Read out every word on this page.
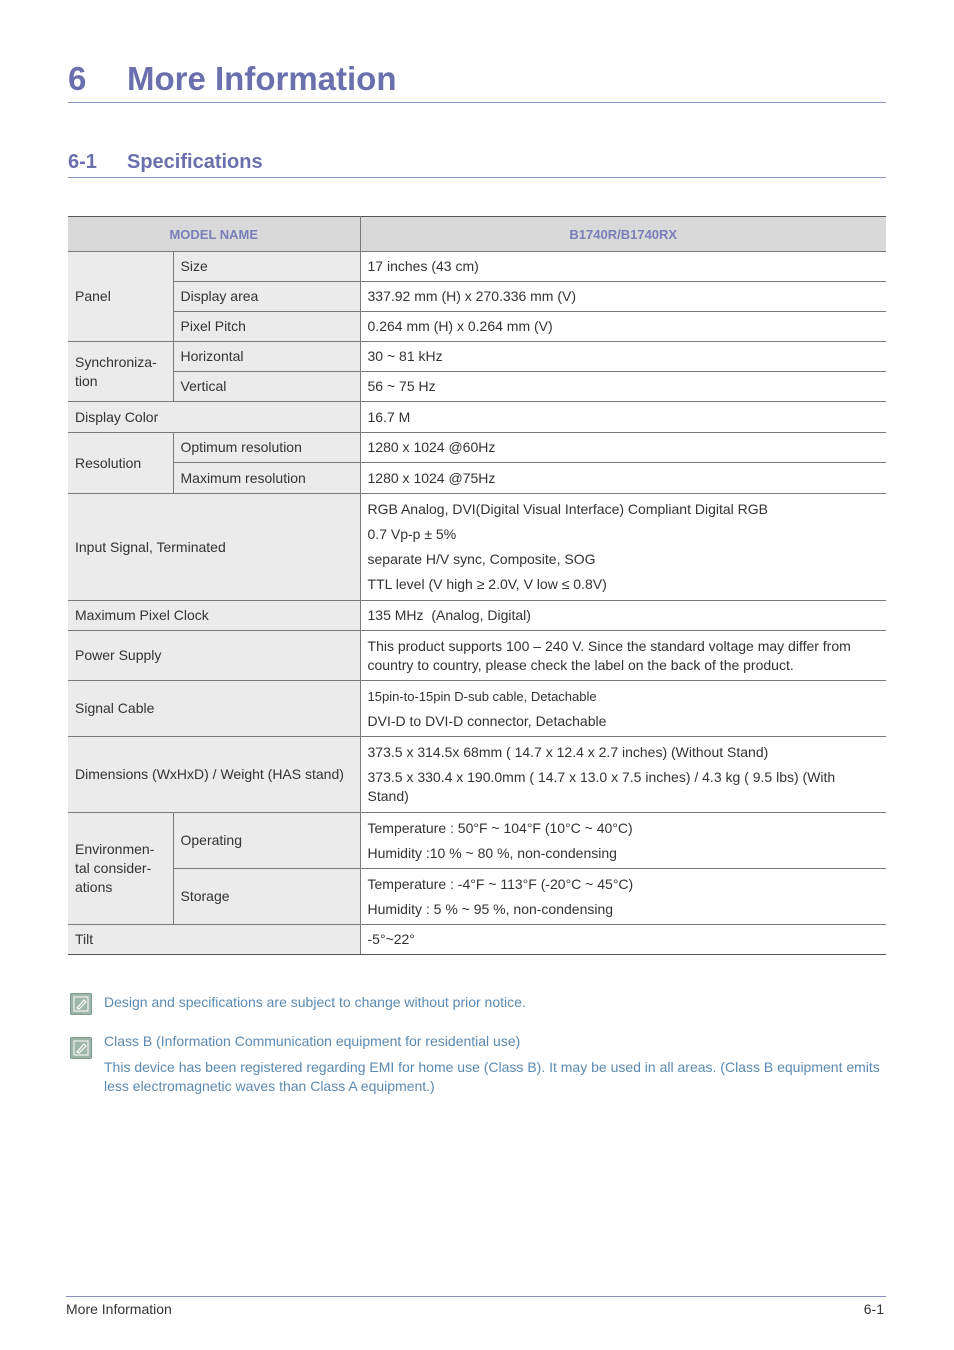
6 More Information
6-1 Specifications
MODEL NAME		B1740R/B1740RX
Panel	Size	17 inches (43 cm)
	Display area	337.92 mm (H) x 270.336 mm (V)
	Pixel Pitch	0.264 mm (H) x 0.264 mm (V)

Synchroniza-
tion	Horizontal	30 ~ 81 kHz
	Vertical	56 ~ 75 Hz
Display Color		16.7 M
Resolution	Optimum resolution	1280 x 1024 @60Hz
	Maximum resolution	1280 x 1024 @75Hz
Input Signal, Terminated		RGB Analog, DVI(Digital Visual Interface) Compliant Digital RGB
0.7 Vp-p ± 5%
separate H/V sync, Composite, SOG
TTL level (V high ≥ 2.0V, V low ≤ 0.8V)

Maximum Pixel Clock		135 MHz  (Analog, Digital)
Power Supply		This product supports 100 – 240 V. Since the standard voltage may differ from country to country, please check the label on the back of the product.
Signal Cable		15pin-to-15pin D-sub cable, Detachable
DVI-D to DVI-D connector, Detachable

Dimensions (WxHxD) / Weight (HAS stand)		373.5 x 314.5x 68mm ( 14.7 x 12.4 x 2.7 inches) (Without Stand)
373.5 x 330.4 x 190.0mm ( 14.7 x 13.0 x 7.5 inches) / 4.3 kg ( 9.5 lbs) (With Stand)

Environmen-
tal consider-
ations	Operating	Temperature : 50°F ~ 104°F (10°C ~ 40°C)
Humidity :10 % ~ 80 %, non-condensing

	Storage	Temperature : -4°F ~ 113°F (-20°C ~ 45°C)
Humidity : 5 % ~ 95 %, non-condensing

Tilt		-5°~22°
Design and specifications are subject to change without prior notice.
Class B (Information Communication equipment for residential use)
This device has been registered regarding EMI for home use (Class B). It may be used in all areas. (Class B equipment emits less electromagnetic waves than Class A equipment.)
More Information	6-1
